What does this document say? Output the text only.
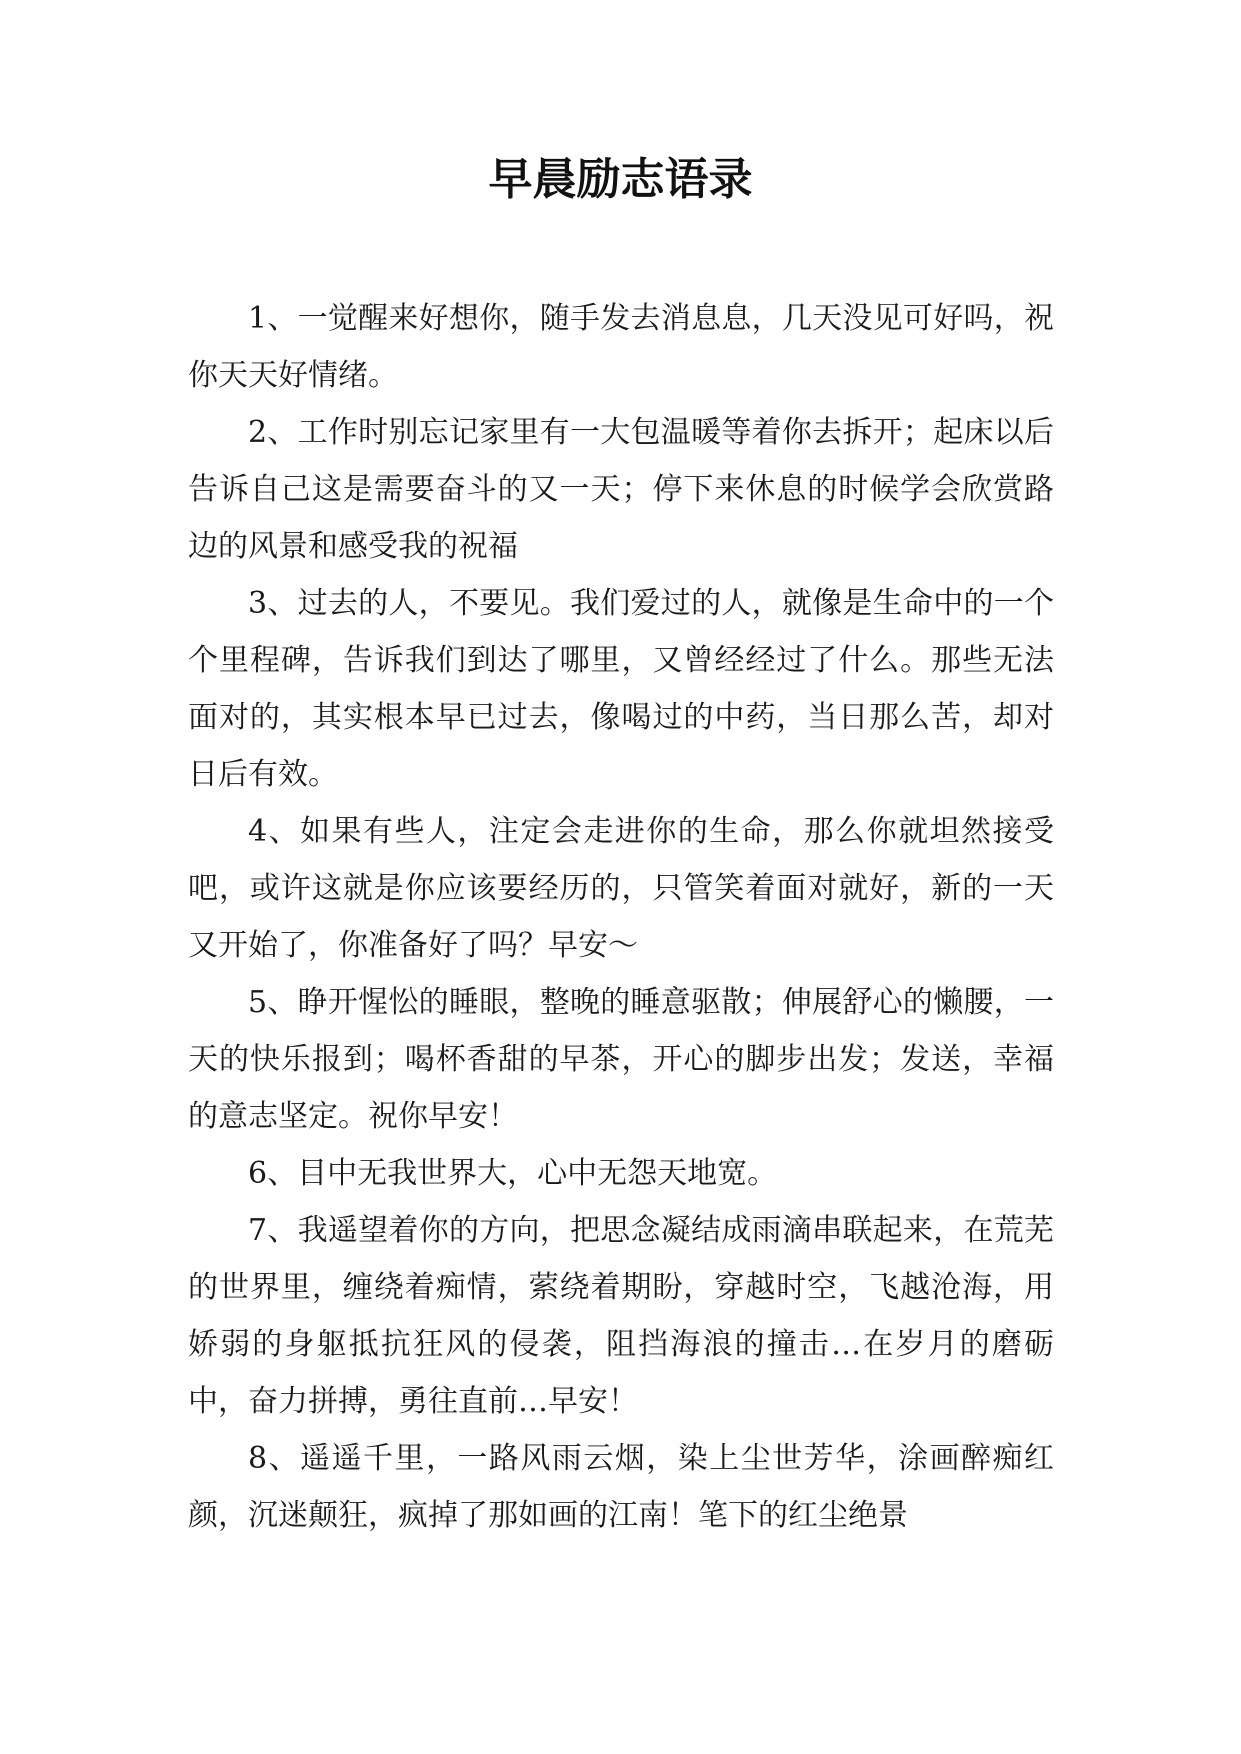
早晨励志语录

1、一觉醒来好想你，随手发去消息息，几天没见可好吗，祝你天天好情绪。

2、工作时别忘记家里有一大包温暖等着你去拆开；起床以后告诉自己这是需要奋斗的又一天；停下来休息的时候学会欣赏路边的风景和感受我的祝福

3、过去的人，不要见。我们爱过的人，就像是生命中的一个个里程碑，告诉我们到达了哪里，又曾经经过了什么。那些无法面对的，其实根本早已过去，像喝过的中药，当日那么苦，却对日后有效。

4、如果有些人，注定会走进你的生命，那么你就坦然接受吧，或许这就是你应该要经历的，只管笑着面对就好，新的一天又开始了，你准备好了吗？早安～

5、睁开惺忪的睡眼，整晚的睡意驱散；伸展舒心的懒腰，一天的快乐报到；喝杯香甜的早茶，开心的脚步出发；发送，幸福的意志坚定。祝你早安！

6、目中无我世界大，心中无怨天地宽。

7、我遥望着你的方向，把思念凝结成雨滴串联起来，在荒芜的世界里，缠绕着痴情，萦绕着期盼，穿越时空，飞越沧海，用娇弱的身躯抵抗狂风的侵袭，阻挡海浪的撞击…在岁月的磨砺中，奋力拼搏，勇往直前…早安！

8、遥遥千里，一路风雨云烟，染上尘世芳华，涂画醉痴红颜，沉迷颠狂，疯掉了那如画的江南！笔下的红尘绝景
